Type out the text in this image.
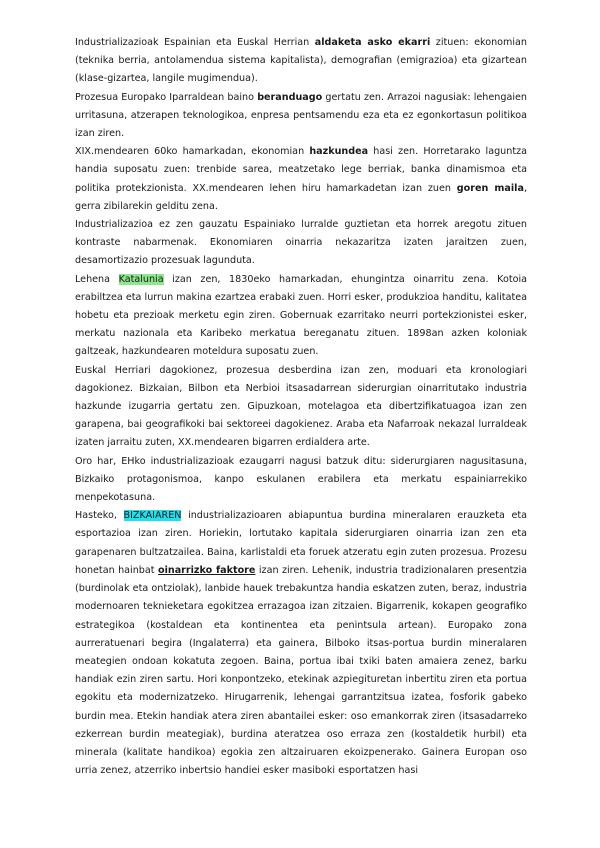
Industrializazioak Espainian eta Euskal Herrian aldaketa asko ekarri zituen: ekonomian (teknika berria, antolamendua sistema kapitalista), demografian (emigrazioa) eta gizartean (klase-gizartea, langile mugimendua).

Prozesua Europako Iparraldean baino beranduago gertatu zen. Arrazoi nagusiak: lehengaien urritasuna, atzerapen teknologikoa, enpresa pentsamendu eza eta ez egonkortasun politikoa izan ziren.

XIX.mendearen 60ko hamarkadan, ekonomian hazkundea hasi zen. Horretarako laguntza handia suposatu zuen: trenbide sarea, meatzetako lege berriak, banka dinamismoa eta politika protekzionista. XX.mendearen lehen hiru hamarkadetan izan zuen goren maila, gerra zibilarekin gelditu zena.

Industrializazioa ez zen gauzatu Espainiako lurralde guztietan eta horrek aregotu zituen kontraste nabarmenak. Ekonomiaren oinarria nekazaritza izaten jaraitzen zuen, desamortizazio prozesuak lagunduta.

Lehena Katalunia izan zen, 1830eko hamarkadan, ehungintza oinarritu zena. Kotoia erabiltzea eta lurrun makina ezartzea erabaki zuen. Horri esker, produkzioa handitu, kalitatea hobetu eta prezioak merketu egin ziren. Gobernuak ezarritako neurri portekzionistei esker, merkatu nazionala eta Karibeko merkatua bereganatu zituen. 1898an azken koloniak galtzeak, hazkundearen moteldura suposatu zuen.

Euskal Herriari dagokionez, prozesua desberdina izan zen, moduari eta kronologiari dagokionez. Bizkaian, Bilbon eta Nerbioi itsasadarrean siderurgian oinarritutako industria hazkunde izugarria gertatu zen. Gipuzkoan, motelagoa eta dibertzifikatuagoa izan zen garapena, bai geografikoki bai sektoreei dagokienez. Araba eta Nafarroak nekazal lurraldeak izaten jarraitu zuten, XX.mendearen bigarren erdialdera arte.

Oro har, EHko industrializazioak ezaugarri nagusi batzuk ditu: siderurgiaren nagusitasuna, Bizkaiko protagonismoa, kanpo eskulanen erabilera eta merkatu espainiarrekiko menpekotasuna.

Hasteko, BIZKAIAREN industrializazioaren abiapuntua burdina mineralaren erauzketa eta esportazioa izan ziren. Horiekin, lortutako kapitala siderurgiaren oinarria izan zen eta garapenaren bultzatzailea. Baina, karlistaldi eta foruek atzeratu egin zuten prozesua. Prozesu honetan hainbat oinarrizko faktore izan ziren. Lehenik, industria tradizionalaren presentzia (burdinolak eta ontziolak), lanbide hauek trebakuntza handia eskatzen zuten, beraz, industria modernoaren teknieketara egokitzea errazagoa izan zitzaien. Bigarrenik, kokapen geografiko estrategikoa (kostaldean eta kontinentea eta penintsula artean). Europako zona aurreratuenari begira (Ingalaterra) eta gainera, Bilboko itsas-portua burdin mineralaren meategien ondoan kokatuta zegoen. Baina, portua ibai txiki baten amaiera zenez, barku handiak ezin ziren sartu. Hori konpontzeko, etekinak azpiegituretan inbertitu ziren eta portua egokitu eta modernizatzeko. Hirugarrenik, lehengai garrantzitsua izatea, fosforik gabeko burdin mea. Etekin handiak atera ziren abantailei esker: oso emankorrak ziren (itsasadarreko ezkerrean burdin meategiak), burdina ateratzea oso erraza zen (kostaldetik hurbil) eta minerala (kalitate handikoa) egokia zen altzairuaren ekoizpenerako. Gainera Europan oso urria zenez, atzerriko inbertsio handiei esker masiboki esportatzen hasi
